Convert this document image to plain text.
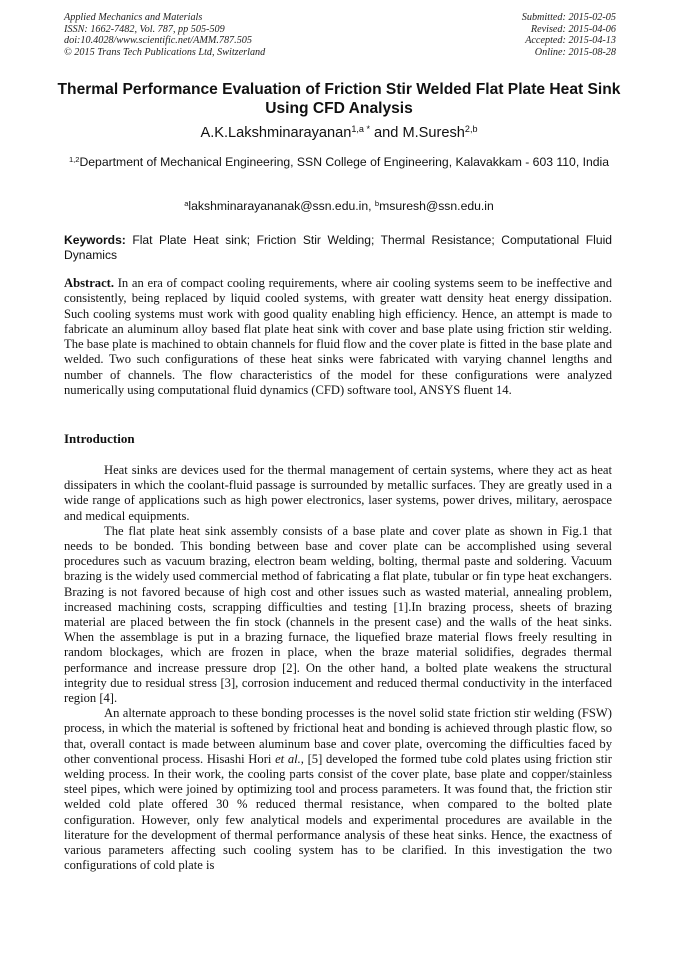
Applied Mechanics and Materials
ISSN: 1662-7482, Vol. 787, pp 505-509
doi:10.4028/www.scientific.net/AMM.787.505
© 2015 Trans Tech Publications Ltd, Switzerland
Submitted: 2015-02-05
Revised: 2015-04-06
Accepted: 2015-04-13
Online: 2015-08-28
Thermal Performance Evaluation of Friction Stir Welded Flat Plate Heat Sink Using CFD Analysis
A.K.Lakshminarayanan$^{1,a *}$ and M.Suresh$^{2,b}$
$^{1,2}$Department of Mechanical Engineering, SSN College of Engineering, Kalavakkam - 603 110, India
$^a$lakshminarayananak@ssn.edu.in, $^b$msuresh@ssn.edu.in
Keywords: Flat Plate Heat sink; Friction Stir Welding; Thermal Resistance; Computational Fluid Dynamics

Abstract. In an era of compact cooling requirements, where air cooling systems seem to be ineffective and consistently, being replaced by liquid cooled systems, with greater watt density heat energy dissipation. Such cooling systems must work with good quality enabling high efficiency. Hence, an attempt is made to fabricate an aluminum alloy based flat plate heat sink with cover and base plate using friction stir welding. The base plate is machined to obtain channels for fluid flow and the cover plate is fitted in the base plate and welded. Two such configurations of these heat sinks were fabricated with varying channel lengths and number of channels. The flow characteristics of the model for these configurations were analyzed numerically using computational fluid dynamics (CFD) software tool, ANSYS fluent 14.

Introduction

Heat sinks are devices used for the thermal management of certain systems, where they act as heat dissipaters in which the coolant-fluid passage is surrounded by metallic surfaces. They are greatly used in a wide range of applications such as high power electronics, laser systems, power drives, military, aerospace and medical equipments.

The flat plate heat sink assembly consists of a base plate and cover plate as shown in Fig.1 that needs to be bonded. This bonding between base and cover plate can be accomplished using several procedures such as vacuum brazing, electron beam welding, bolting, thermal paste and soldering. Vacuum brazing is the widely used commercial method of fabricating a flat plate, tubular or fin type heat exchangers. Brazing is not favored because of high cost and other issues such as wasted material, annealing problem, increased machining costs, scrapping difficulties and testing [1].In brazing process, sheets of brazing material are placed between the fin stock (channels in the present case) and the walls of the heat sinks. When the assemblage is put in a brazing furnace, the liquefied braze material flows freely resulting in random blockages, which are frozen in place, when the braze material solidifies, degrades thermal performance and increase pressure drop [2]. On the other hand, a bolted plate weakens the structural integrity due to residual stress [3], corrosion inducement and reduced thermal conductivity in the interfaced region [4].

An alternate approach to these bonding processes is the novel solid state friction stir welding (FSW) process, in which the material is softened by frictional heat and bonding is achieved through plastic flow, so that, overall contact is made between aluminum base and cover plate, overcoming the difficulties faced by other conventional process. Hisashi Hori et al., [5] developed the formed tube cold plates using friction stir welding process. In their work, the cooling parts consist of the cover plate, base plate and copper/stainless steel pipes, which were joined by optimizing tool and process parameters. It was found that, the friction stir welded cold plate offered 30 % reduced thermal resistance, when compared to the bolted plate configuration. However, only few analytical models and experimental procedures are available in the literature for the development of thermal performance analysis of these heat sinks. Hence, the exactness of various parameters affecting such cooling system has to be clarified. In this investigation the two configurations of cold plate is
